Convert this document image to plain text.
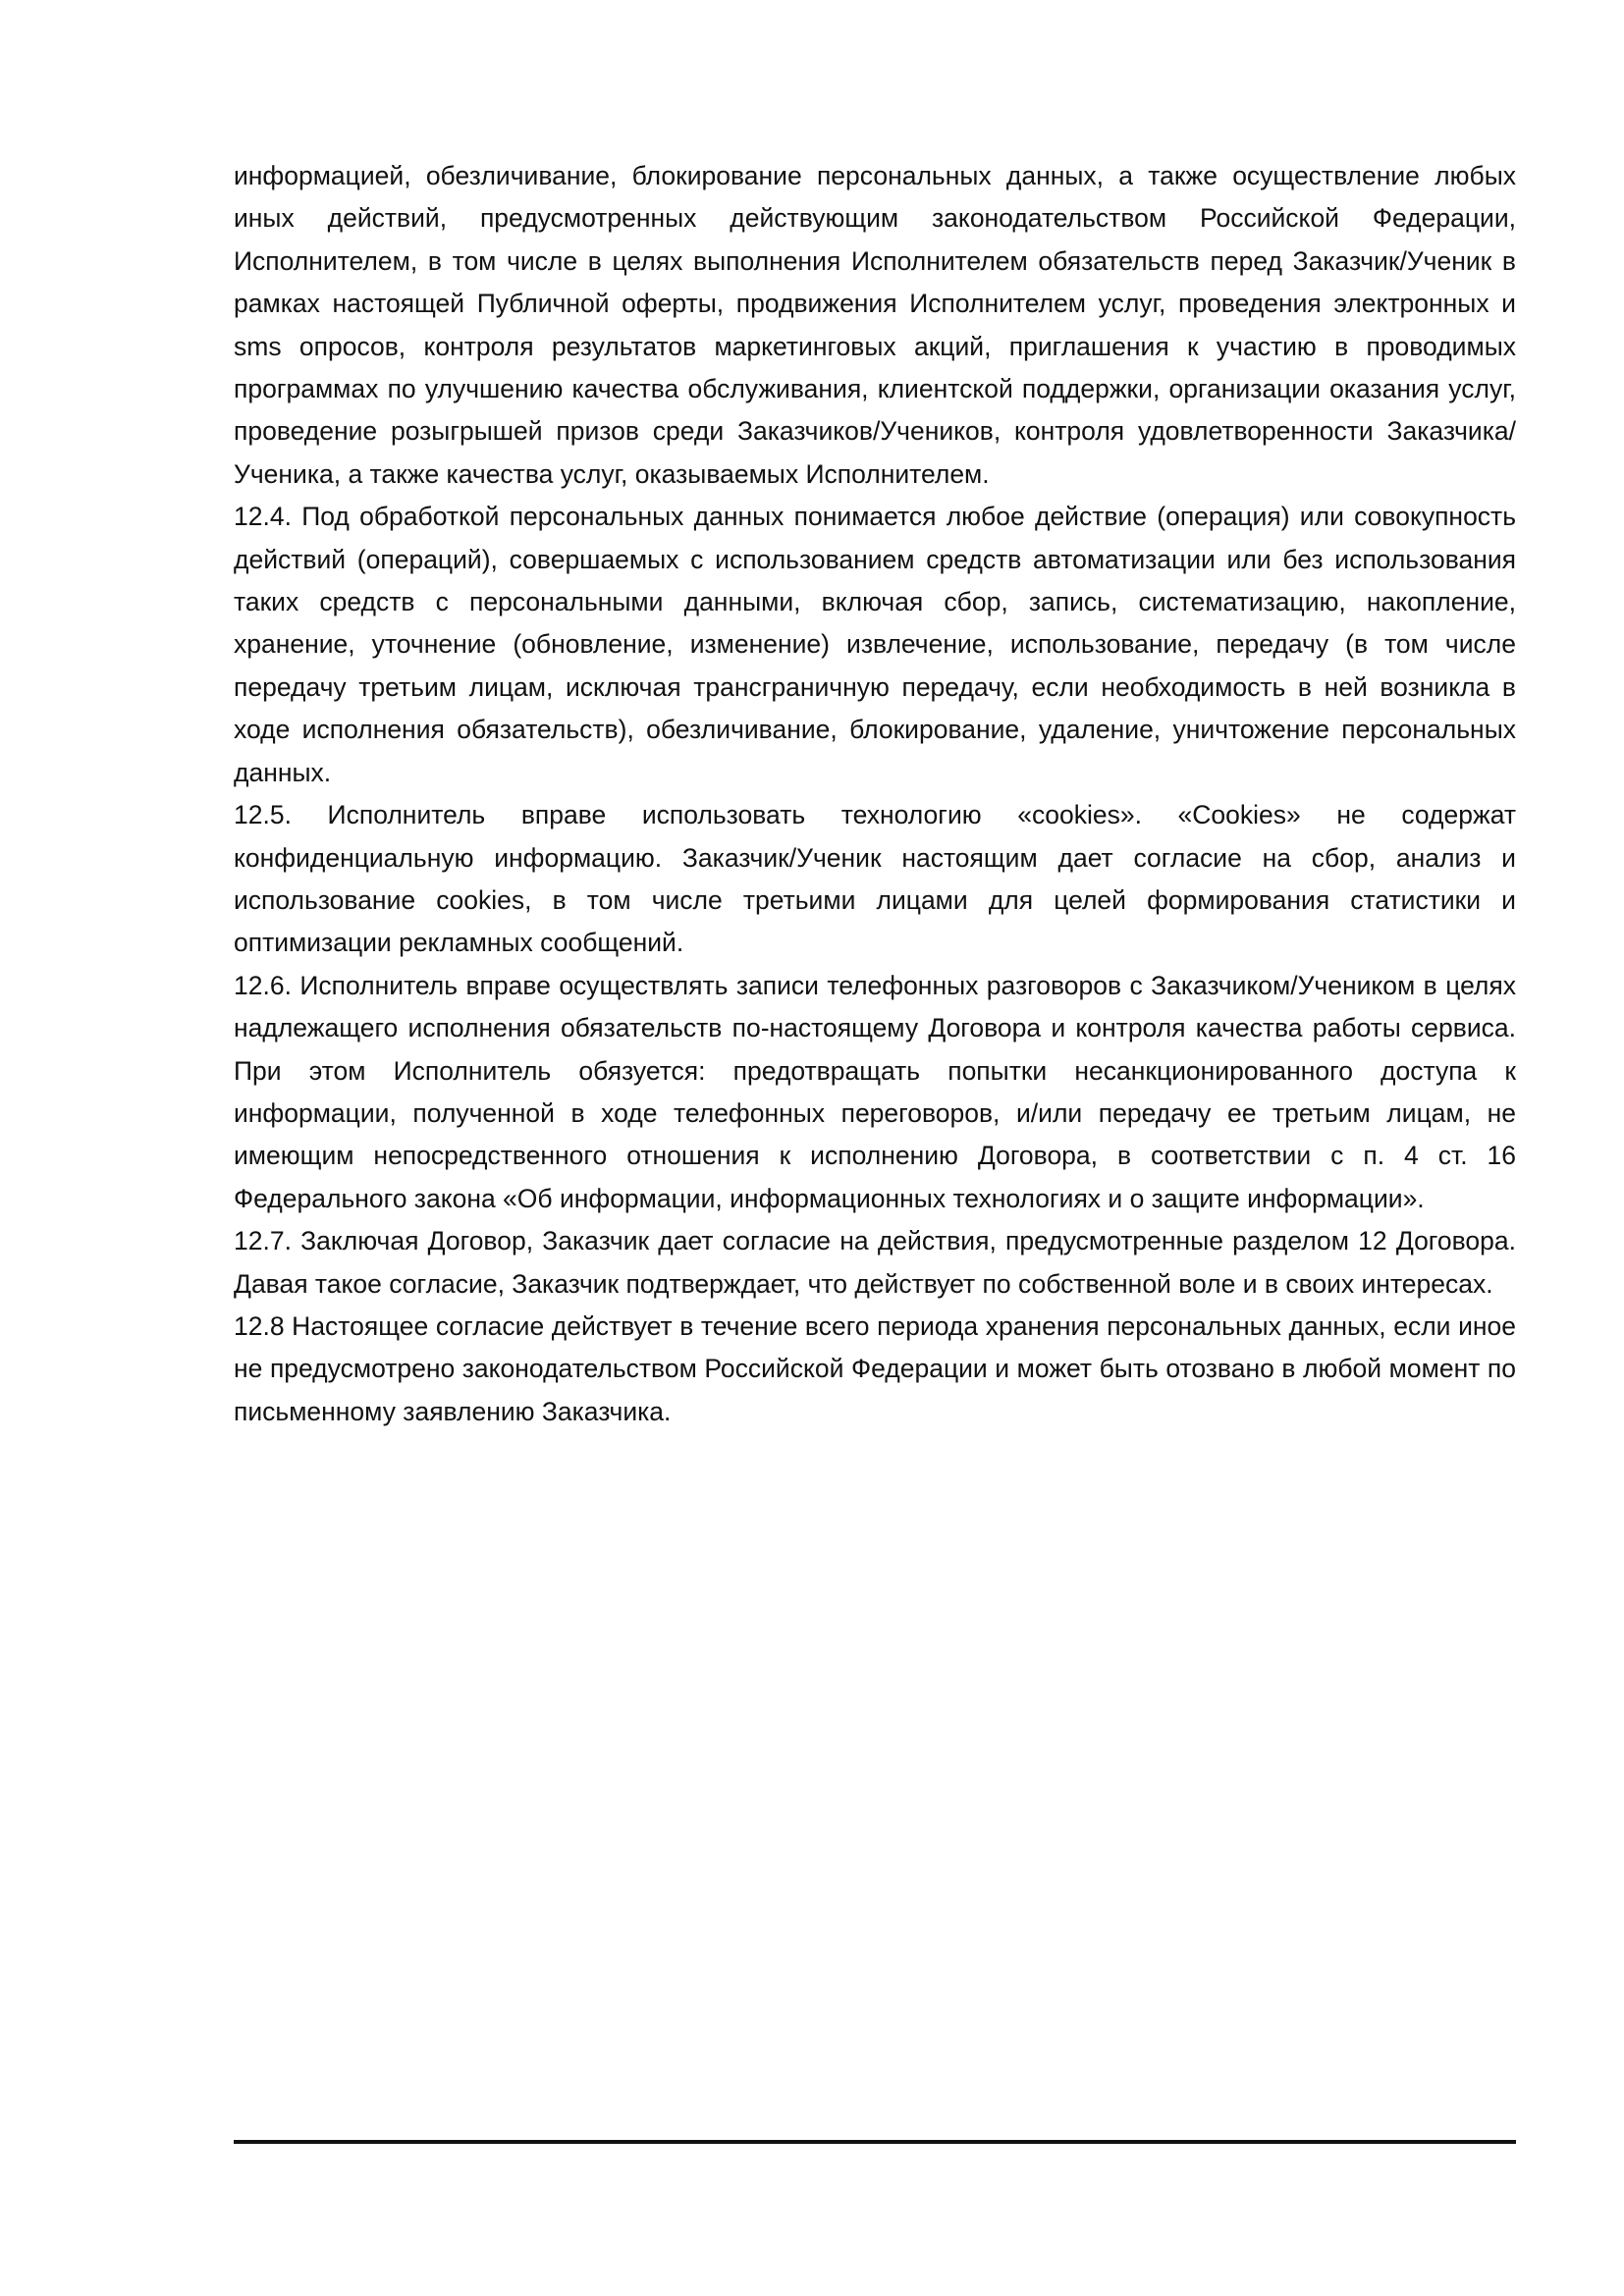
информацией, обезличивание, блокирование персональных данных, а также осуществление любых иных действий, предусмотренных действующим законодательством Российской Федерации, Исполнителем, в том числе в целях выполнения Исполнителем обязательств перед Заказчик/Ученик в рамках настоящей Публичной оферты, продвижения Исполнителем услуг, проведения электронных и sms опросов, контроля результатов маркетинговых акций, приглашения к участию в проводимых программах по улучшению качества обслуживания, клиентской поддержки, организации оказания услуг, проведение розыгрышей призов среди Заказчиков/Учеников, контроля удовлетворенности Заказчика/Ученика, а также качества услуг, оказываемых Исполнителем.

12.4. Под обработкой персональных данных понимается любое действие (операция) или совокупность действий (операций), совершаемых с использованием средств автоматизации или без использования таких средств с персональными данными, включая сбор, запись, систематизацию, накопление, хранение, уточнение (обновление, изменение) извлечение, использование, передачу (в том числе передачу третьим лицам, исключая трансграничную передачу, если необходимость в ней возникла в ходе исполнения обязательств), обезличивание, блокирование, удаление, уничтожение персональных данных.

12.5. Исполнитель вправе использовать технологию «cookies». «Cookies» не содержат конфиденциальную информацию. Заказчик/Ученик настоящим дает согласие на сбор, анализ и использование cookies, в том числе третьими лицами для целей формирования статистики и оптимизации рекламных сообщений.

12.6. Исполнитель вправе осуществлять записи телефонных разговоров с Заказчиком/Учеником в целях надлежащего исполнения обязательств по-настоящему Договора и контроля качества работы сервиса. При этом Исполнитель обязуется: предотвращать попытки несанкционированного доступа к информации, полученной в ходе телефонных переговоров, и/или передачу ее третьим лицам, не имеющим непосредственного отношения к исполнению Договора, в соответствии с п. 4 ст. 16 Федерального закона «Об информации, информационных технологиях и о защите информации».

12.7. Заключая Договор, Заказчик дает согласие на действия, предусмотренные разделом 12 Договора. Давая такое согласие, Заказчик подтверждает, что действует по собственной воле и в своих интересах.

12.8 Настоящее согласие действует в течение всего периода хранения персональных данных, если иное не предусмотрено законодательством Российской Федерации и может быть отозвано в любой момент по письменному заявлению Заказчика.
